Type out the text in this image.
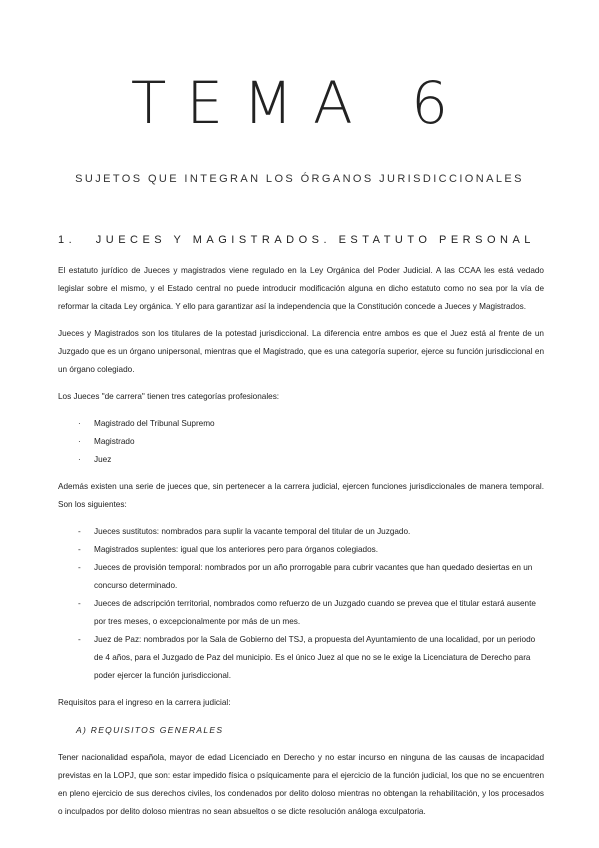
TEMA 6
SUJETOS QUE INTEGRAN LOS ÓRGANOS JURISDICCIONALES
1. JUECES Y MAGISTRADOS. ESTATUTO PERSONAL

El estatuto jurídico de Jueces y magistrados viene regulado en la Ley Orgánica del Poder Judicial. A las CCAA les está vedado legislar sobre el mismo, y el Estado central no puede introducir modificación alguna en dicho estatuto como no sea por la vía de reformar la citada Ley orgánica. Y ello para garantizar así la independencia que la Constitución concede a Jueces y Magistrados.

Jueces y Magistrados son los titulares de la potestad jurisdiccional. La diferencia entre ambos es que el Juez está al frente de un Juzgado que es un órgano unipersonal, mientras que el Magistrado, que es una categoría superior, ejerce su función jurisdiccional en un órgano colegiado.

Los Jueces "de carrera" tienen tres categorías profesionales:

· Magistrado del Tribunal Supremo
· Magistrado
· Juez

Además existen una serie de jueces que, sin pertenecer a la carrera judicial, ejercen funciones jurisdiccionales de manera temporal. Son los siguientes:

- Jueces sustitutos: nombrados para suplir la vacante temporal del titular de un Juzgado.
- Magistrados suplentes: igual que los anteriores pero para órganos colegiados.
- Jueces de provisión temporal: nombrados por un año prorrogable para cubrir vacantes que han quedado desiertas en un concurso determinado.
- Jueces de adscripción territorial, nombrados como refuerzo de un Juzgado cuando se prevea que el titular estará ausente por tres meses, o excepcionalmente por más de un mes.
- Juez de Paz: nombrados por la Sala de Gobierno del TSJ, a propuesta del Ayuntamiento de una localidad, por un periodo de 4 años, para el Juzgado de Paz del municipio. Es el único Juez al que no se le exige la Licenciatura de Derecho para poder ejercer la función jurisdiccional.

Requisitos para el ingreso en la carrera judicial:

A) REQUISITOS GENERALES

Tener nacionalidad española, mayor de edad Licenciado en Derecho y no estar incurso en ninguna de las causas de incapacidad previstas en la LOPJ, que son: estar impedido física o psíquicamente para el ejercicio de la función judicial, los que no se encuentren en pleno ejercicio de sus derechos civiles, los condenados por delito doloso mientras no obtengan la rehabilitación, y los procesados o inculpados por delito doloso mientras no sean absueltos o se dicte resolución análoga exculpatoria.
